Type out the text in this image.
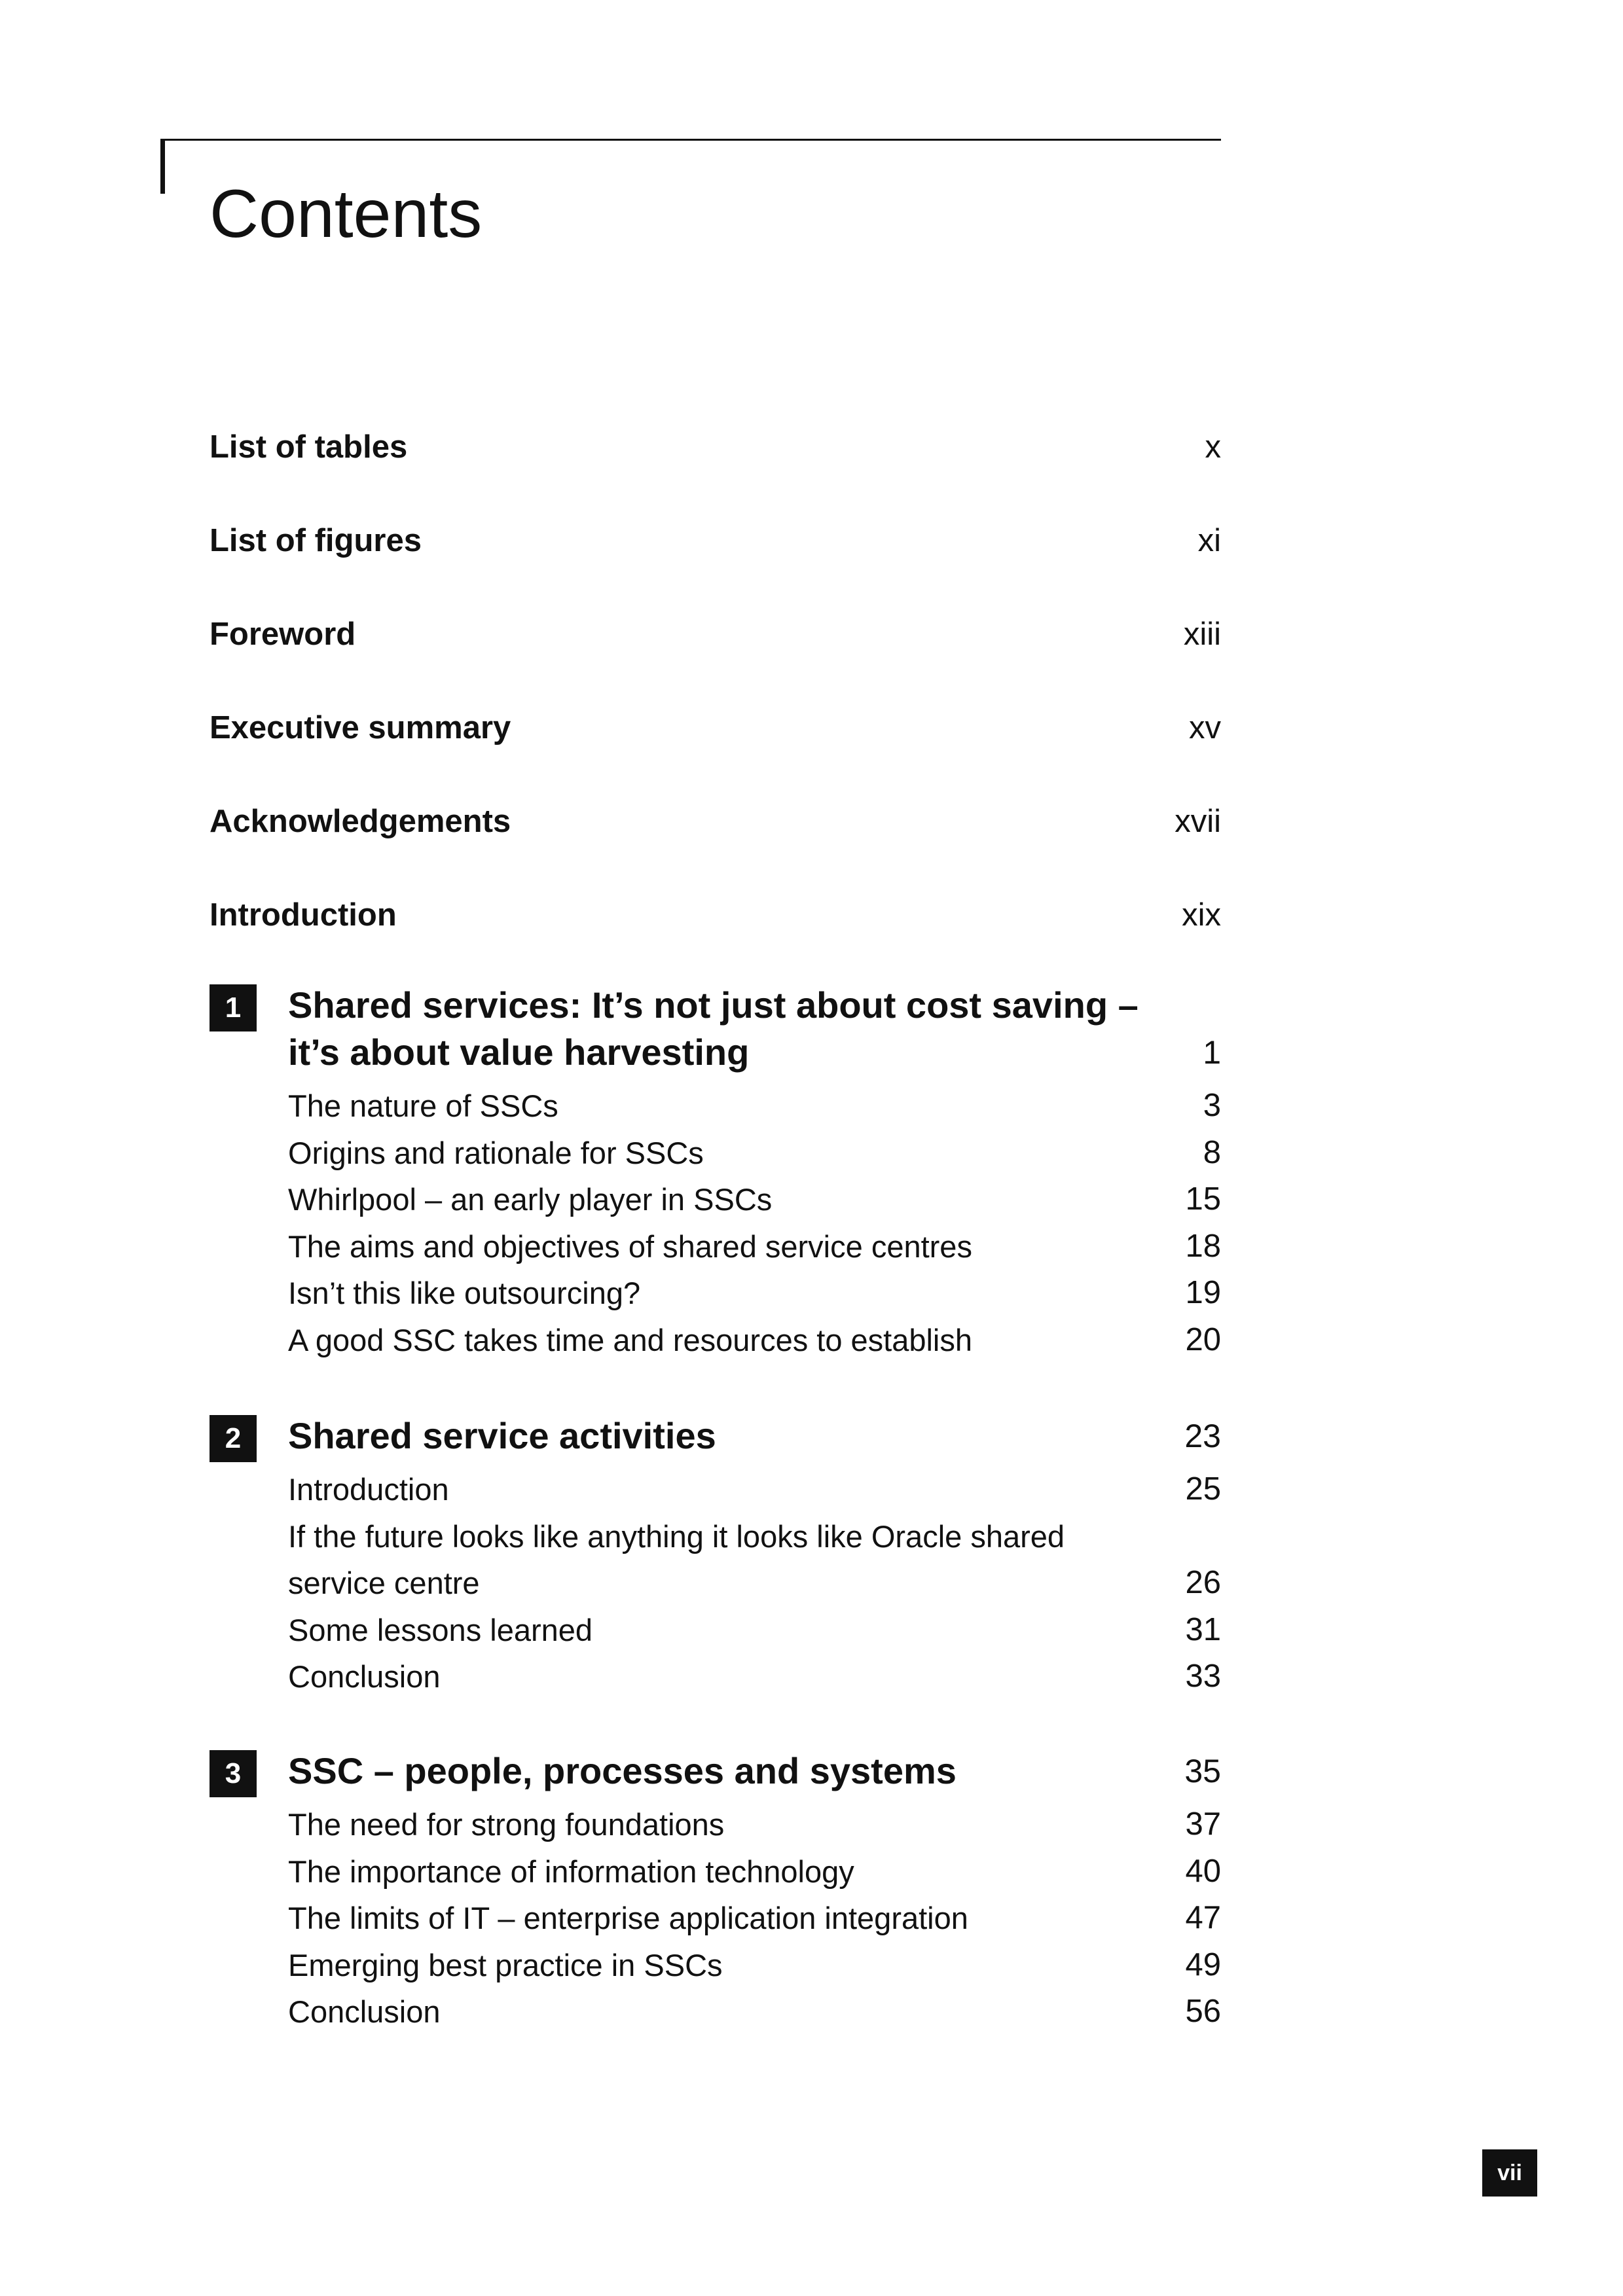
Contents
List of tables	x
List of figures	xi
Foreword	xiii
Executive summary	xv
Acknowledgements	xvii
Introduction	xix
1	Shared services: It’s not just about cost saving – it’s about value harvesting	1
The nature of SSCs	3
Origins and rationale for SSCs	8
Whirlpool – an early player in SSCs	15
The aims and objectives of shared service centres	18
Isn’t this like outsourcing?	19
A good SSC takes time and resources to establish	20
2	Shared service activities	23
Introduction	25
If the future looks like anything it looks like Oracle shared service centre	26
Some lessons learned	31
Conclusion	33
3	SSC – people, processes and systems	35
The need for strong foundations	37
The importance of information technology	40
The limits of IT – enterprise application integration	47
Emerging best practice in SSCs	49
Conclusion	56
vii
